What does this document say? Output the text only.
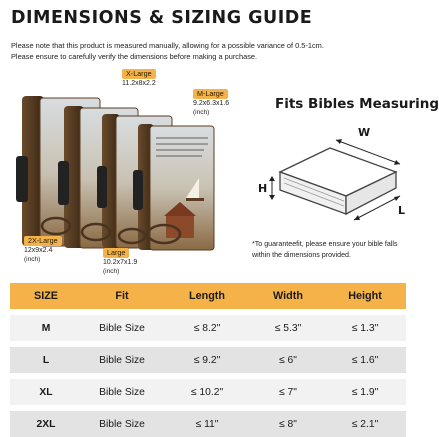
DIMENSIONS & SIZING GUIDE
Please note that this product is measured manually, allowing for a possible variance of 0.5-1cm.
Please ensure to carefully verify the dimensions before making a purchase.
X-Large
11.2x8x2.2
M-Large
9.2x6.3x1.6
(inch)
2X-Large
12x9x2.4
(inch)
Large
10.2x7x1.9
(inch)
Fits Bibles Measuring
W
H
L
*To guaranteefit, please ensure your bible falls within the dimensions provided.
SIZE	Fit	Length	Width	Height

M	Bible Size	≤ 8.2"	≤ 5.3"	≤ 1.3"

L	Bible Size	≤ 9.2"	≤ 6"	≤ 1.6"

XL	Bible Size	≤ 10.2"	≤ 7"	≤ 1.9"

2XL	Bible Size	≤ 11"	≤ 8"	≤ 2.1"
